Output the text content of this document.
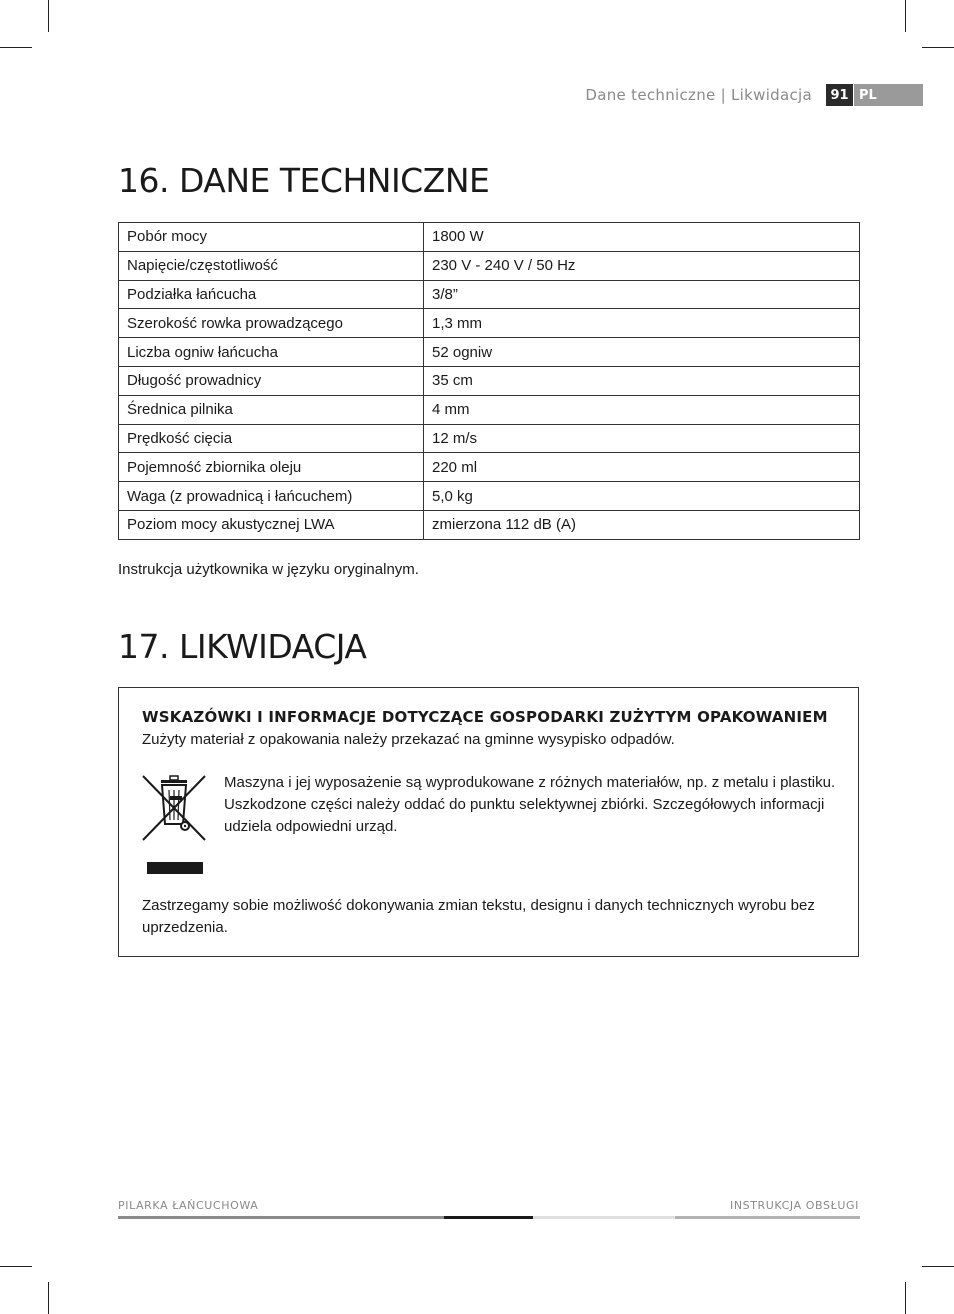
Dane techniczne | Likwidacja	91 PL
16. DANE TECHNICZNE
Pobór mocy	1800 W
Napięcie/częstotliwość	230 V - 240 V / 50 Hz
Podziałka łańcucha	3/8”
Szerokość rowka prowadzącego	1,3 mm
Liczba ogniw łańcucha	52 ogniw
Długość prowadnicy	35 cm
Średnica pilnika	4 mm
Prędkość cięcia	12 m/s
Pojemność zbiornika oleju	220 ml
Waga (z prowadnicą i łańcuchem)	5,0 kg
Poziom mocy akustycznej LWA	zmierzona 112 dB (A)
Instrukcja użytkownika w języku oryginalnym.
17. LIKWIDACJA
WSKAZÓWKI I INFORMACJE DOTYCZĄCE GOSPODARKI ZUŻYTYM OPAKOWANIEM
Zużyty materiał z opakowania należy przekazać na gminne wysypisko odpadów.
Maszyna i jej wyposażenie są wyprodukowane z różnych materiałów, np. z metalu i plastiku. Uszkodzone części należy oddać do punktu selektywnej zbiórki. Szczegółowych informacji udziela odpowiedni urząd.
Zastrzegamy sobie możliwość dokonywania zmian tekstu, designu i danych technicznych wyrobu bez uprzedzenia.
PILARKA ŁAŃCUCHOWA	INSTRUKCJA OBSŁUGI
